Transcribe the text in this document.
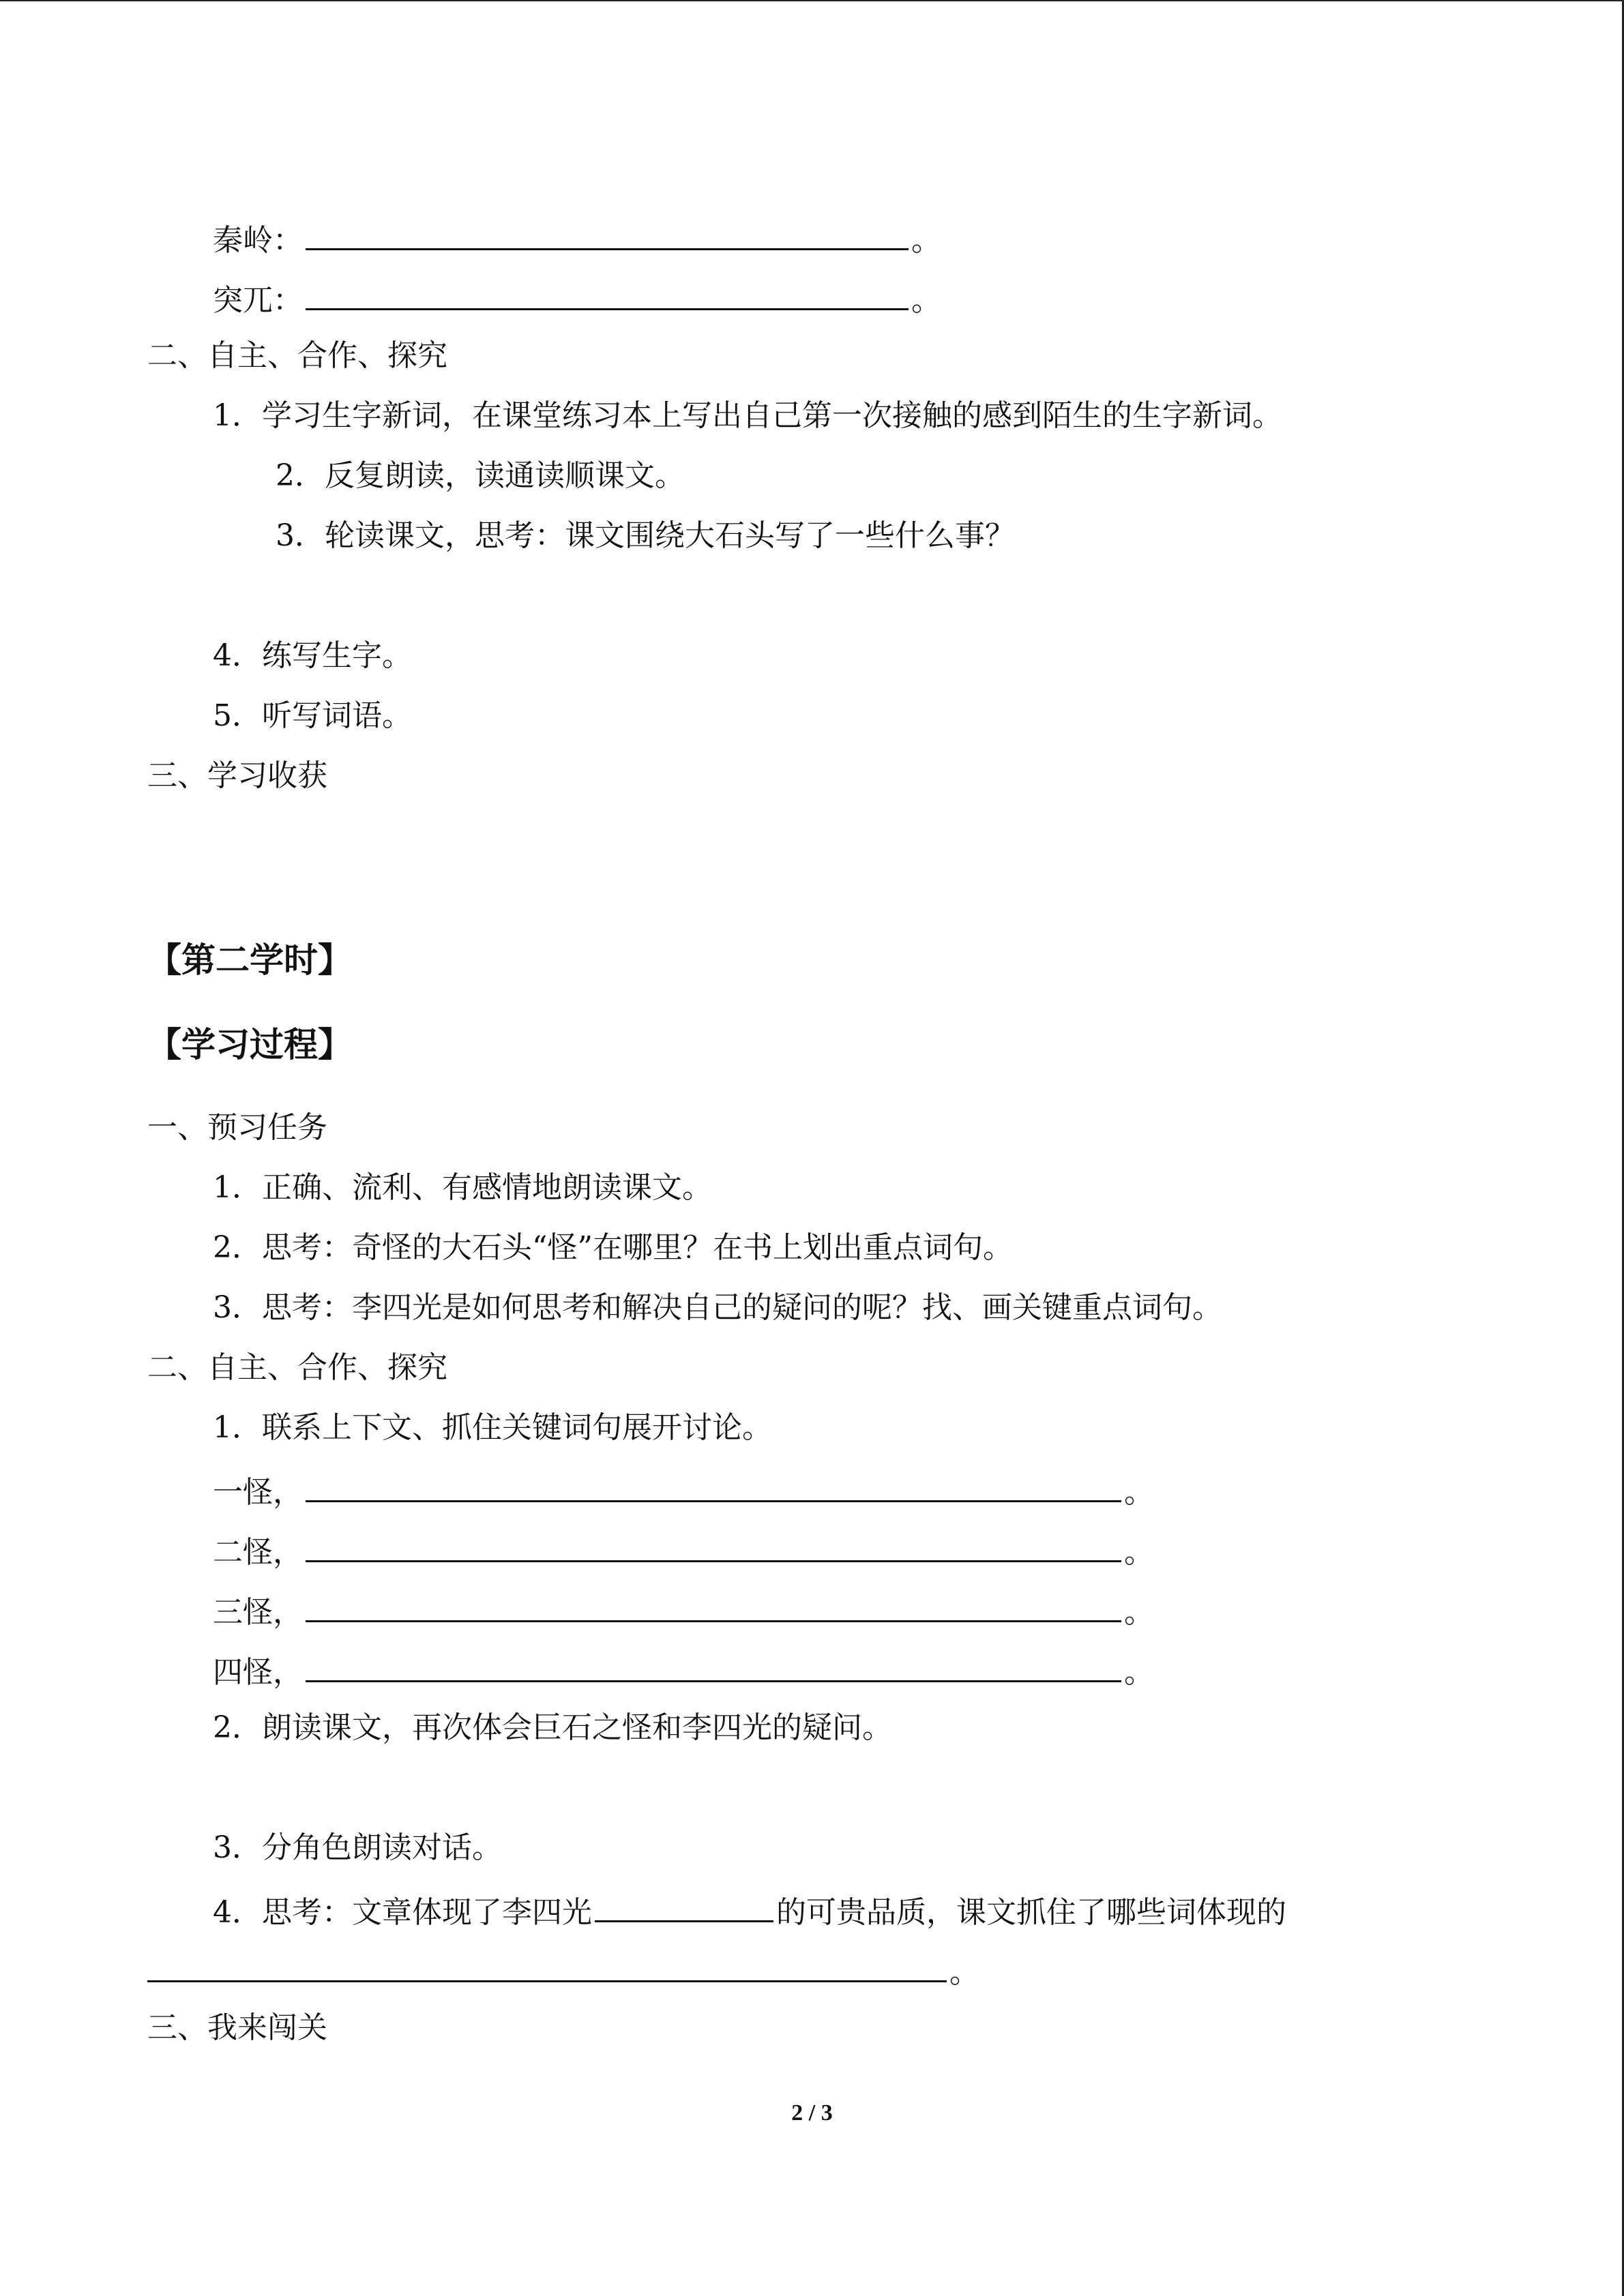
秦岭：	。
突兀：	。
二、自主、合作、探究
1．学习生字新词，在课堂练习本上写出自己第一次接触的感到陌生的生字新词。
2．反复朗读，读通读顺课文。
3．轮读课文，思考：课文围绕大石头写了一些什么事？
4．练写生字。
5．听写词语。
三、学习收获
【第二学时】
【学习过程】
一、预习任务
1．正确、流利、有感情地朗读课文。
2．思考：奇怪的大石头“怪”在哪里？在书上划出重点词句。
3．思考：李四光是如何思考和解决自己的疑问的呢？找、画关键重点词句。
二、自主、合作、探究
1．联系上下文、抓住关键词句展开讨论。
一怪，	。
二怪，	。
三怪，	。
四怪，	。
2．朗读课文，再次体会巨石之怪和李四光的疑问。
3．分角色朗读对话。
4．思考：文章体现了李四光	的可贵品质，课文抓住了哪些词体现的
。
三、我来闯关
2 / 3
